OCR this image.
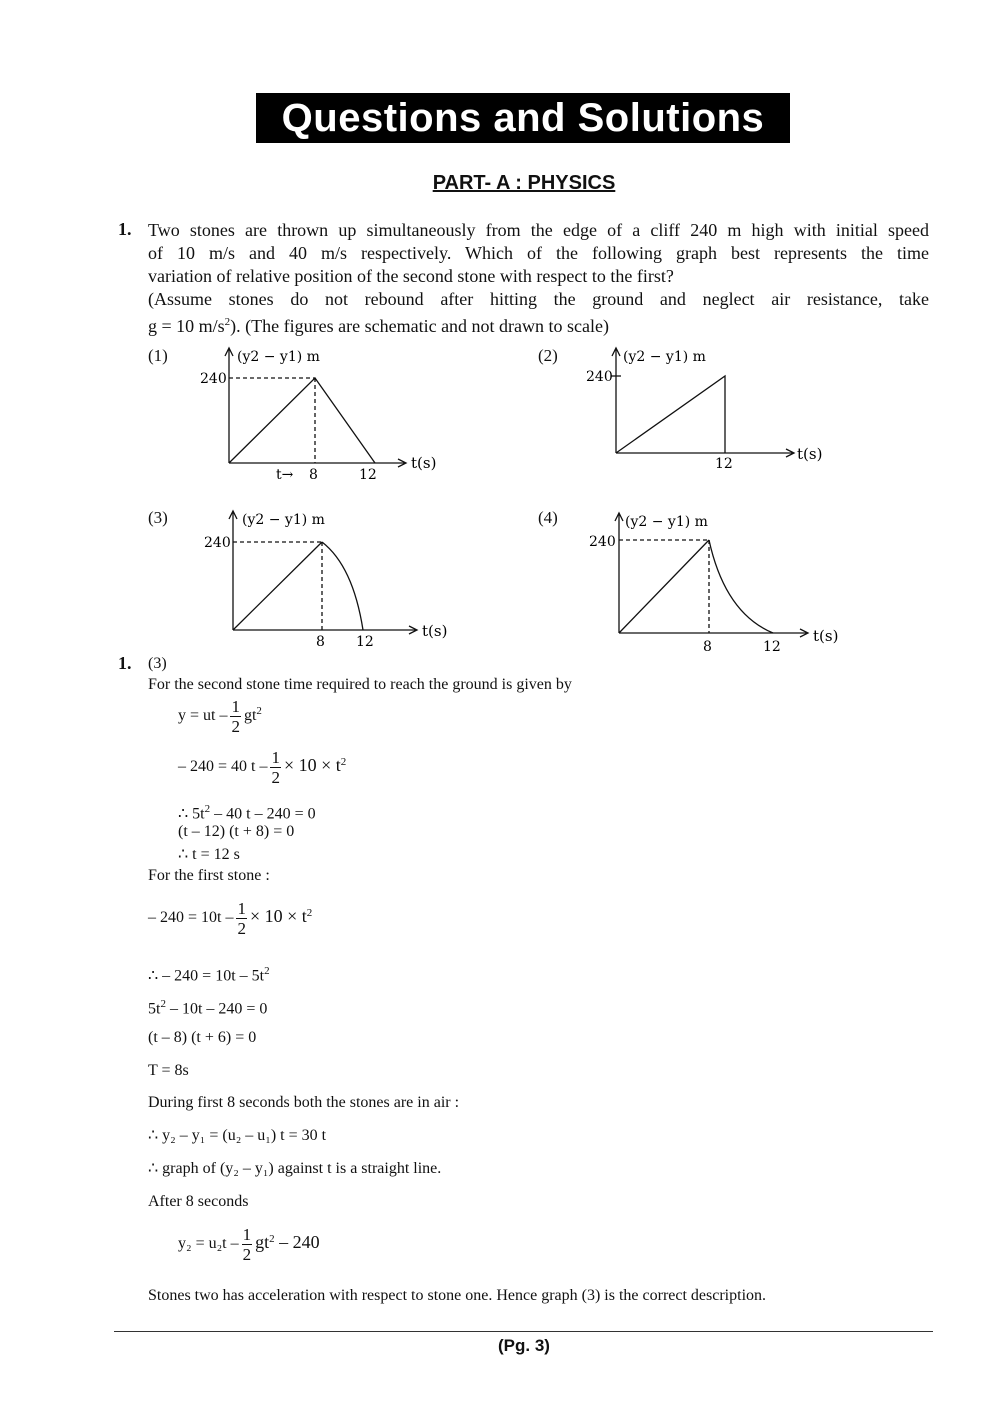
Questions and Solutions
PART- A : PHYSICS
1. Two stones are thrown up simultaneously from the edge of a cliff 240 m high with initial speed

of 10 m/s and 40 m/s respectively. Which of the following graph best represents the time

variation of relative position of the second stone with respect to the first?

(Assume stones do not rebound after hitting the ground and neglect air resistance, take

g = 10 $m/s^2$). (The figures are schematic and not drawn to scale)

(1)	(2)
(3)	(4)
(y2 − y1) m
240
t→ 8	12
t(s)
(y2 − y1) m
240
12
t(s)
(y2 − y1) m
240
8 12
t(s)
(y2 − y1) m
240
8	12
t(s)
1. (3)
For the second stone time required to reach the ground is given by
y = ut – $\frac{1}{2} gt^2$
– 240 = 40 $t - \frac{1}{2} \times 10 \times t^2$
∴ $5t^2 - 40$ t – 240 = 0
(t – 12) (t + 8) = 0
∴ t = 12 s
For the first stone :
– $240 = 10t - \frac{1}{2} \times 10 \times t^2$
∴ – $240 = 10t - 5t^2$
$5t^2 - 10t - 240 = 0$
(t – 8) (t + 6) = 0
T = 8s
During first 8 seconds both the stones are in air :
∴ y₂ – y₁ = (u₂ – u₁) t = 30 t
∴ graph of (y₂ – y₁) against t is a straight line.
After 8 seconds
$y_2 = u_2t - \frac{1}{2} gt^2 - 240$
Stones two has acceleration with respect to stone one. Hence graph (3) is the correct description.
(Pg. 3)
